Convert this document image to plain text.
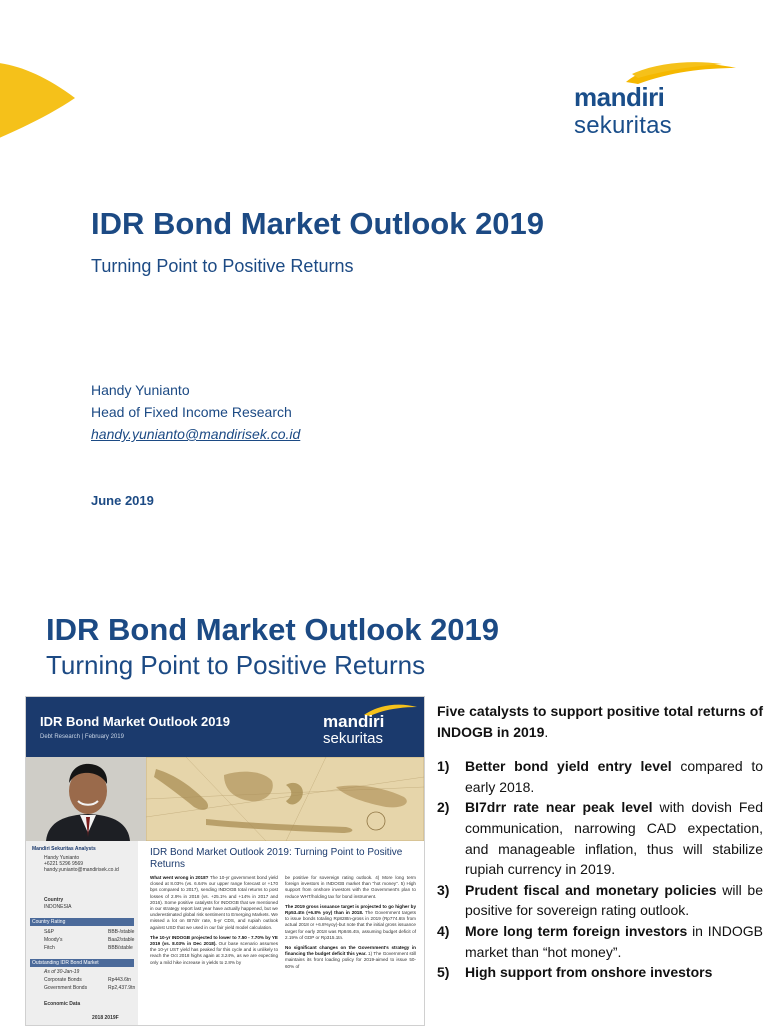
mandiri
sekuritas
IDR Bond Market Outlook 2019
Turning Point to Positive Returns
Handy Yunianto
Head of Fixed Income Research
handy.yunianto@mandirisek.co.id
June 2019
IDR Bond Market Outlook 2019
Turning Point to Positive Returns
IDR Bond Market Outlook 2019
Debt Research | February 2019
mandiri
sekuritas
Mandiri Sekuritas Analysts
Handy Yunianto
+6221 5296 9569
handy.yunianto@mandirisek.co.id
Country
INDONESIA
Country Rating
S&P	BBB-/stable
Moody's	Baa2/stable
Fitch	BBB/stable
Outstanding IDR Bond Market
As of 30-Jan-19
Corporate Bonds	Rp443.6tn
Government Bonds	Rp2,437.9tn
Economic Data
2018 2019F
IDR Bond Market Outlook 2019: Turning Point to Positive Returns
What went wrong in 2018? The 10-yr government bond yield closed at 8.03% (vs. 6.64% our upper range forecast or +170 bps compared to 2017), sending INDOGB total returns to post losses of 2.9% in 2018 (vs. +25.1% and +14% in 2017 and 2016). Some positive catalysts for INDOGB that we mentioned in our strategy report last year have actually happened, but we underestimated global risk sentiment to Emerging Markets. We missed a lot on BI7drr rate, 5-yr CDS, and rupiah outlook against USD that we used in our fair yield model calculation.
The 10-yr INDOGB projected to lower to 7.50 - 7.70% by YE 2019 (vs. 8.03% in Dec 2018). Our base scenario assumes the 10-yr UST yield has peaked for this cycle and is unlikely to reach the Oct 2018 highs again at 3.24%, as we are expecting only a mild hike increase in yields to 2.8% by
be positive for sovereign rating outlook. 4) More long term foreign investors in INDOGB market than "hot money". 5) High support from onshore investors with the Government's plan to reduce WHT/holding tax for bond instrument.
The 2019 gross issuance target is projected to go higher by Rp53.4tn (+6.8% yoy) than in 2018. The Government targets to issue bonds totaling Rp828tn-gross in 2019 (Rp774.6tn from actual 2018 or +6.8%yoy)-but note that the initial gross issuance target for early 2018 was Rp846.4tn, assuming budget deficit of 2.19% of GDP or Rp315.1tn.
No significant changes on the Government's strategy in financing the budget deficit this year. 1) The Government still maintains its front loading policy for 2019-aimed to issue 50-60% of
Five catalysts to support positive total returns of INDOGB in 2019.
1) Better bond yield entry level compared to early 2018.
2) BI7drr rate near peak level with dovish Fed communication, narrowing CAD expectation, and manageable inflation, thus will stabilize rupiah currency in 2019.
3) Prudent fiscal and monetary policies will be positive for sovereign rating outlook.
4) More long term foreign investors in INDOGB market than “hot money”.
5) High support from onshore investors
